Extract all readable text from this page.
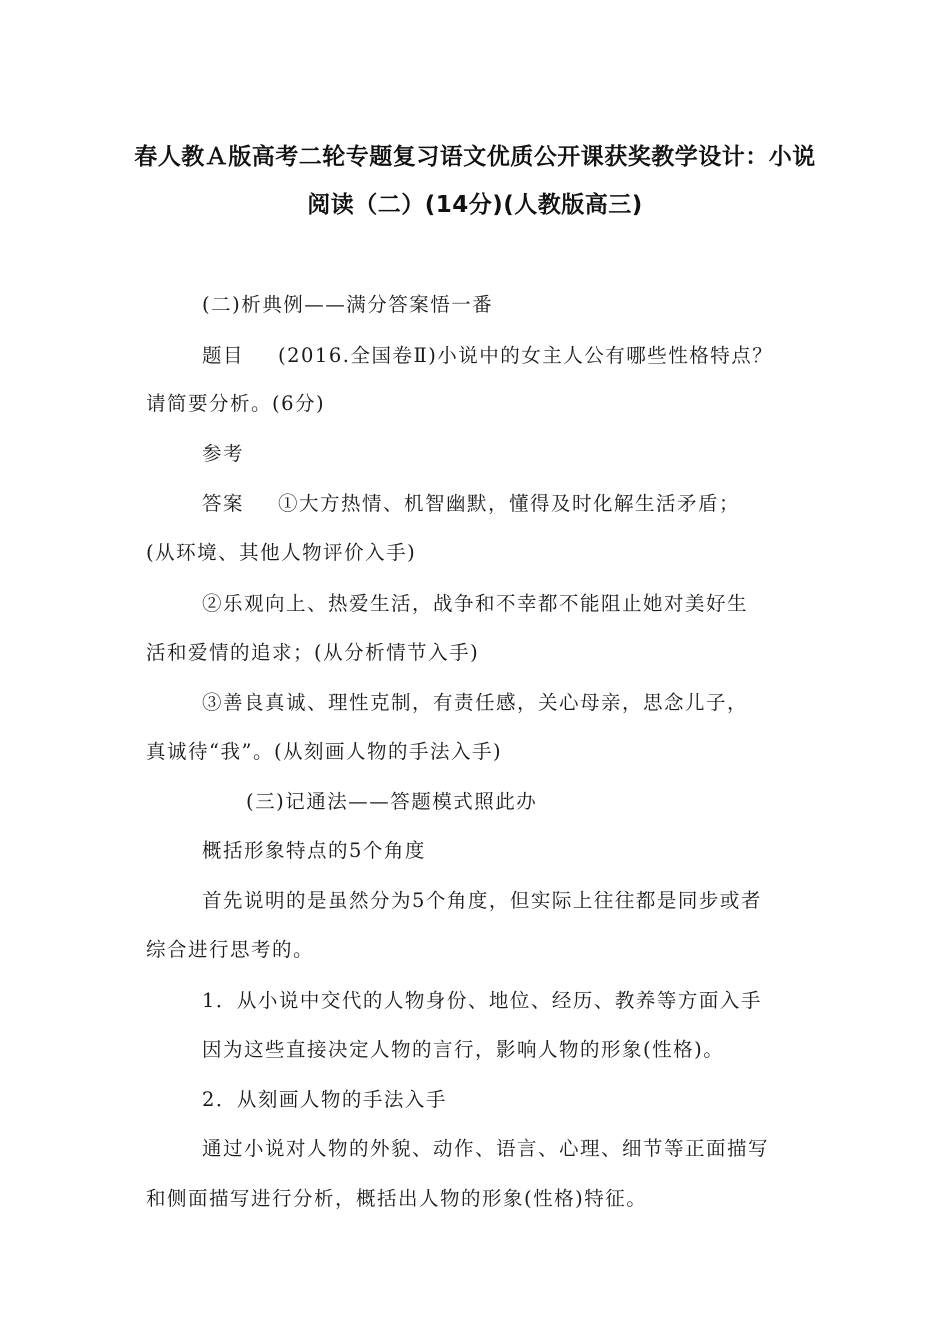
春人教Ａ版高考二轮专题复习语文优质公开课获奖教学设计：小说
阅读（二）(14分)(人教版高三)
(二)析典例——满分答案悟一番
题目 (2016.全国卷Ⅱ)小说中的女主人公有哪些性格特点？
请简要分析。(6分)
参考
答案 ①大方热情、机智幽默，懂得及时化解生活矛盾；
(从环境、其他人物评价入手)
②乐观向上、热爱生活，战争和不幸都不能阻止她对美好生
活和爱情的追求；(从分析情节入手)
③善良真诚、理性克制，有责任感，关心母亲，思念儿子，
真诚待“我”。(从刻画人物的手法入手)
(三)记通法——答题模式照此办
概括形象特点的5个角度
首先说明的是虽然分为5个角度，但实际上往往都是同步或者
综合进行思考的。
1．从小说中交代的人物身份、地位、经历、教养等方面入手
因为这些直接决定人物的言行，影响人物的形象(性格)。
2．从刻画人物的手法入手
通过小说对人物的外貌、动作、语言、心理、细节等正面描写
和侧面描写进行分析，概括出人物的形象(性格)特征。
